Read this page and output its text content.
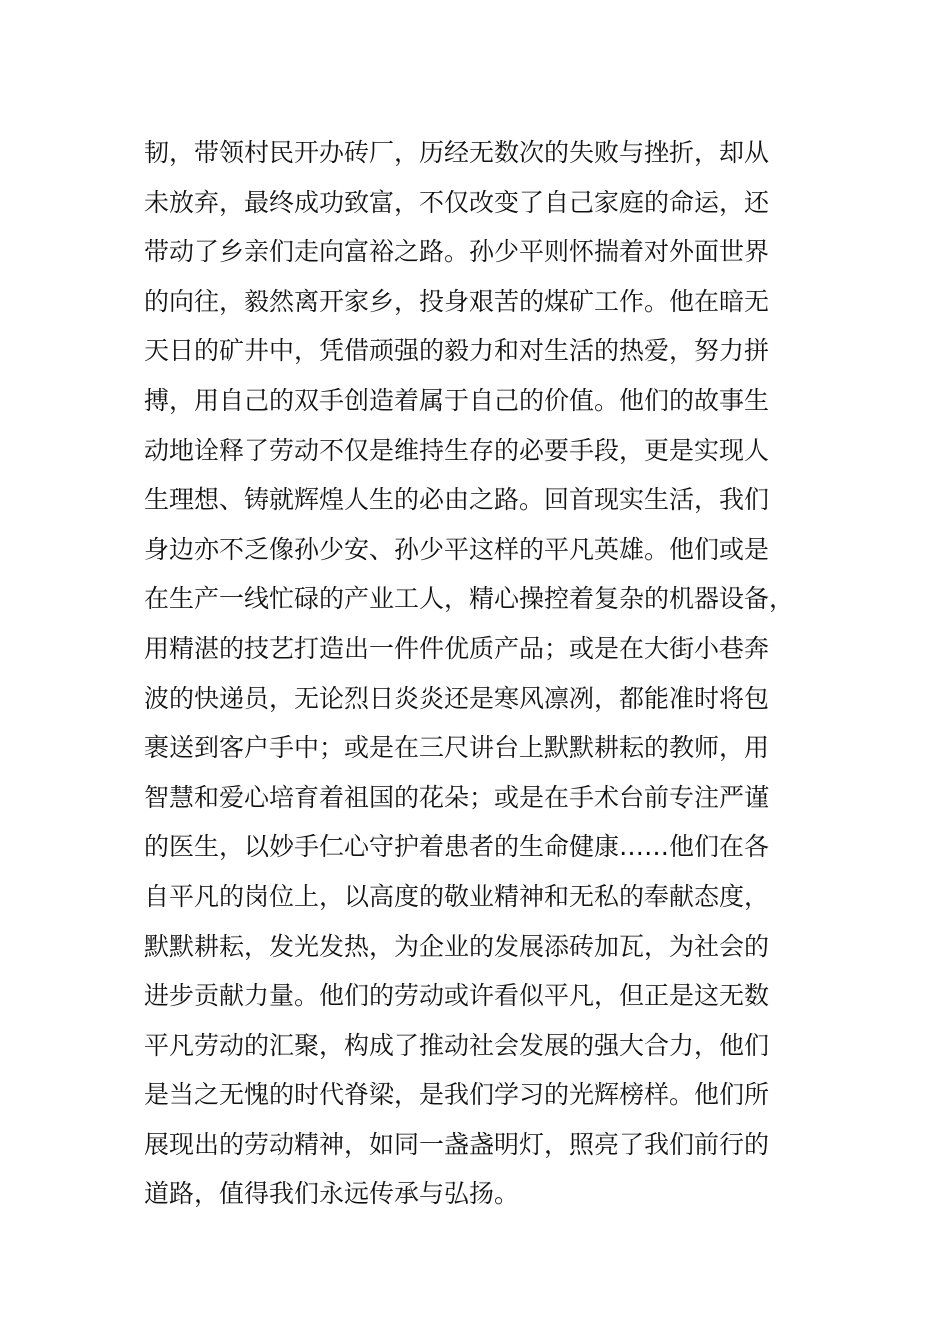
韧，带领村民开办砖厂，历经无数次的失败与挫折，却从
未放弃，最终成功致富，不仅改变了自己家庭的命运，还
带动了乡亲们走向富裕之路。孙少平则怀揣着对外面世界
的向往，毅然离开家乡，投身艰苦的煤矿工作。他在暗无
天日的矿井中，凭借顽强的毅力和对生活的热爱，努力拼
搏，用自己的双手创造着属于自己的价值。他们的故事生
动地诠释了劳动不仅是维持生存的必要手段，更是实现人
生理想、铸就辉煌人生的必由之路。回首现实生活，我们
身边亦不乏像孙少安、孙少平这样的平凡英雄。他们或是
在生产一线忙碌的产业工人，精心操控着复杂的机器设备，
用精湛的技艺打造出一件件优质产品；或是在大街小巷奔
波的快递员，无论烈日炎炎还是寒风凛冽，都能准时将包
裹送到客户手中；或是在三尺讲台上默默耕耘的教师，用
智慧和爱心培育着祖国的花朵；或是在手术台前专注严谨
的医生，以妙手仁心守护着患者的生命健康……他们在各
自平凡的岗位上，以高度的敬业精神和无私的奉献态度，
默默耕耘，发光发热，为企业的发展添砖加瓦，为社会的
进步贡献力量。他们的劳动或许看似平凡，但正是这无数
平凡劳动的汇聚，构成了推动社会发展的强大合力，他们
是当之无愧的时代脊梁，是我们学习的光辉榜样。他们所
展现出的劳动精神，如同一盏盏明灯，照亮了我们前行的
道路，值得我们永远传承与弘扬。
